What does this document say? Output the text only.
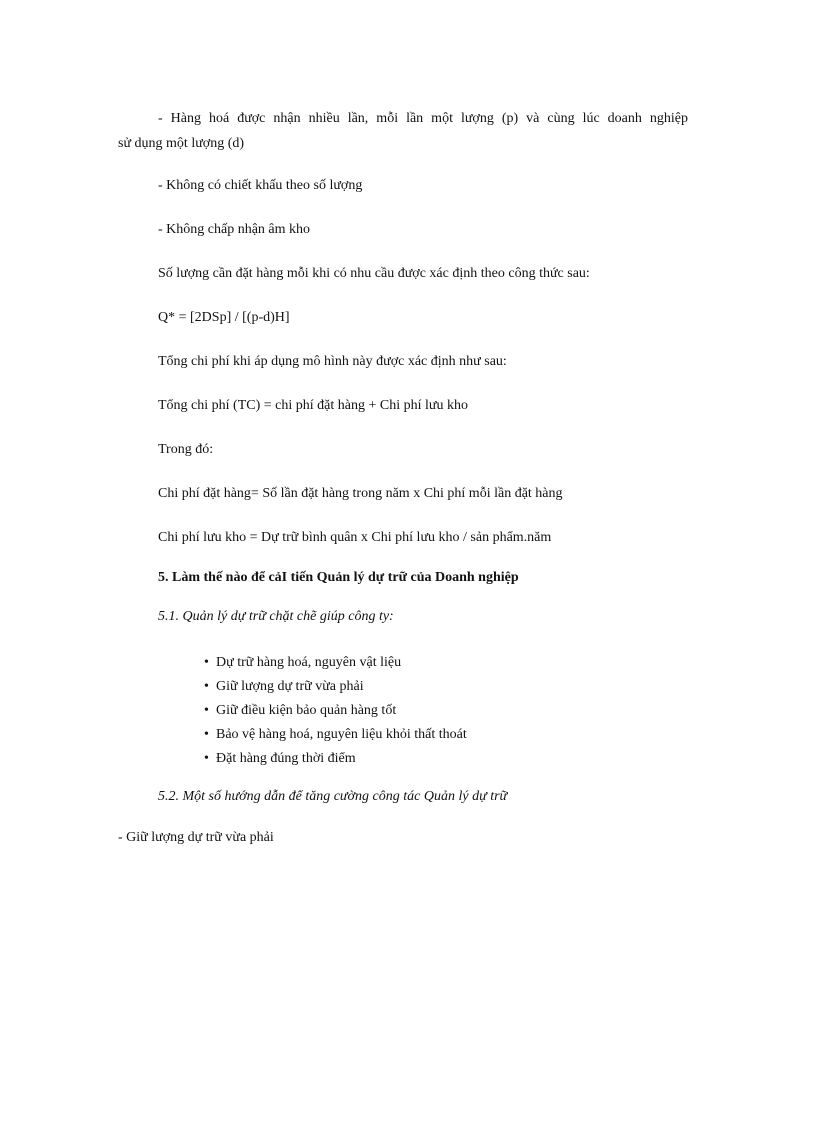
- Hàng hoá được nhận nhiều lần, mỗi lần một lượng (p) và cùng lúc doanh nghiệp
sử dụng một lượng (d)
- Không có chiết khấu theo số lượng
- Không chấp nhận âm kho
Số lượng cần đặt hàng mỗi khi có nhu cầu được xác định theo công thức sau:
Q* = [2DSp] / [(p-d)H]
Tổng chi phí khi áp dụng mô hình này được xác định như sau:
Tổng chi phí (TC) = chi phí đặt hàng + Chi phí lưu kho
Trong đó:
Chi phí đặt hàng= Số lần đặt hàng trong năm x Chi phí mỗi lần đặt hàng
Chi phí lưu kho = Dự trữ bình quân x Chi phí lưu kho / sản phẩm.năm
5. Làm thế nào để cảI tiến Quản lý dự trữ của Doanh nghiệp
5.1. Quản lý dự trữ chặt chẽ giúp công ty:
• Dự trữ hàng hoá, nguyên vật liệu
• Giữ lượng dự trữ vừa phải
• Giữ điều kiện bảo quản hàng tốt
• Bảo vệ hàng hoá, nguyên liệu khỏi thất thoát
• Đặt hàng đúng thời điểm
5.2. Một số hướng dẫn để tăng cường công tác Quản lý dự trữ
- Giữ lượng dự trữ vừa phải
